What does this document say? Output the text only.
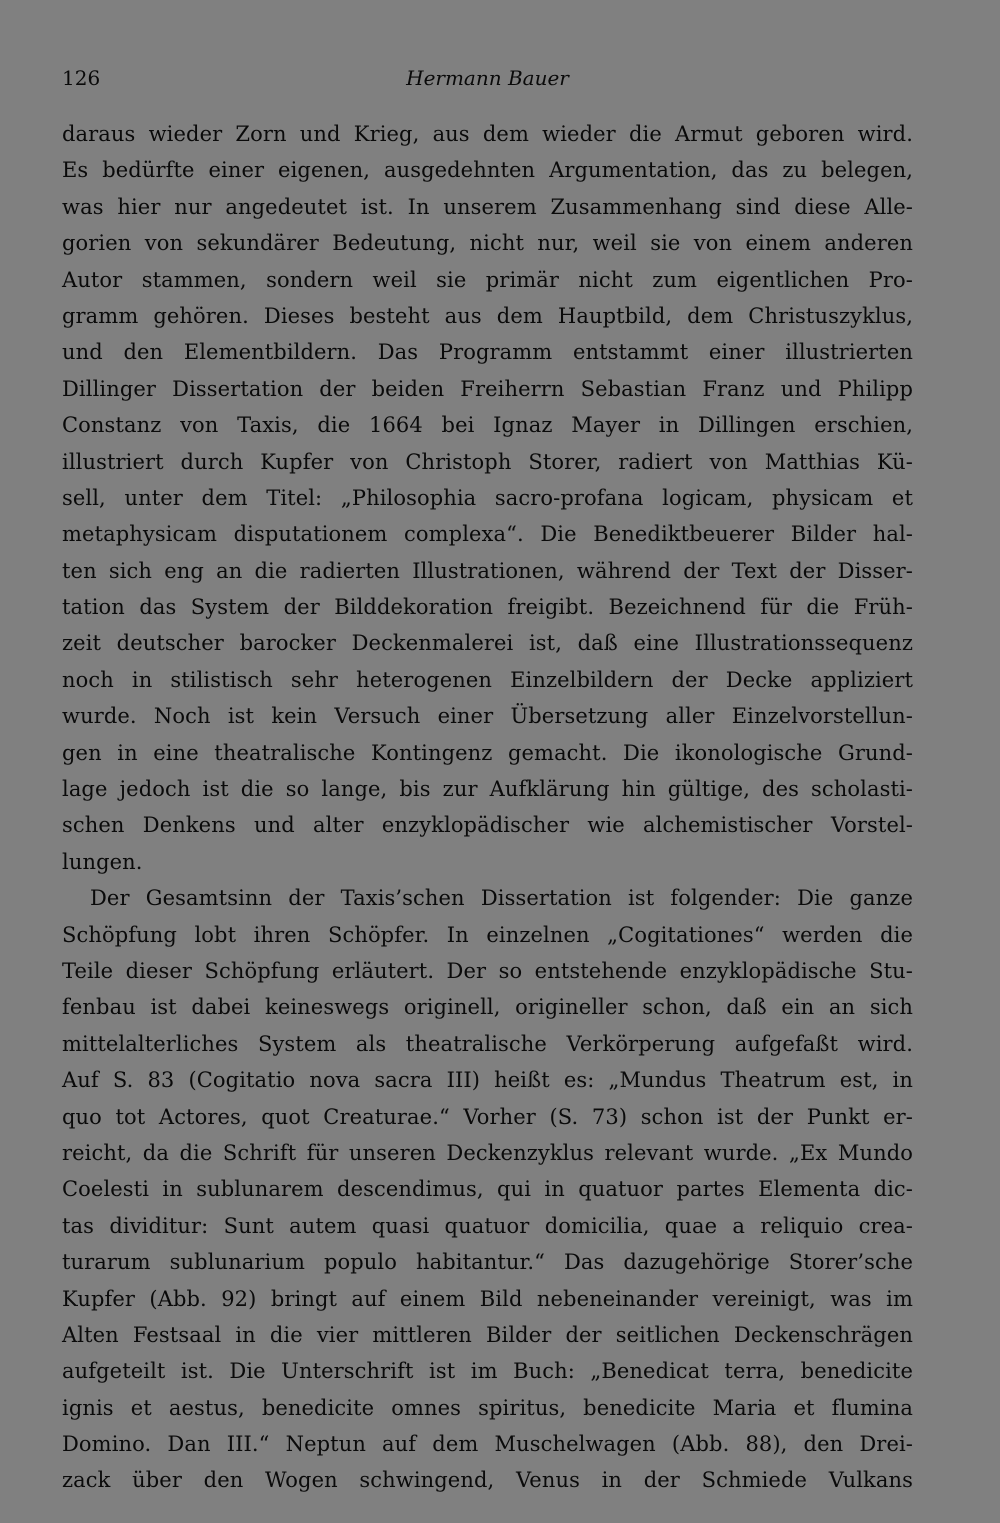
126	Hermann Bauer
daraus wieder Zorn und Krieg, aus dem wieder die Armut geboren wird.
Es bedürfte einer eigenen, ausgedehnten Argumentation, das zu belegen,
was hier nur angedeutet ist. In unserem Zusammenhang sind diese Alle-
gorien von sekundärer Bedeutung, nicht nur, weil sie von einem anderen
Autor stammen, sondern weil sie primär nicht zum eigentlichen Pro-
gramm gehören. Dieses besteht aus dem Hauptbild, dem Christuszyklus,
und den Elementbildern. Das Programm entstammt einer illustrierten
Dillinger Dissertation der beiden Freiherrn Sebastian Franz und Philipp
Constanz von Taxis, die 1664 bei Ignaz Mayer in Dillingen erschien,
illustriert durch Kupfer von Christoph Storer, radiert von Matthias Kü-
sell, unter dem Titel: „Philosophia sacro-profana logicam, physicam et
metaphysicam disputationem complexa“. Die Benediktbeuerer Bilder hal-
ten sich eng an die radierten Illustrationen, während der Text der Disser-
tation das System der Bilddekoration freigibt. Bezeichnend für die Früh-
zeit deutscher barocker Deckenmalerei ist, daß eine Illustrationssequenz
noch in stilistisch sehr heterogenen Einzelbildern der Decke appliziert
wurde. Noch ist kein Versuch einer Übersetzung aller Einzelvorstellun-
gen in eine theatralische Kontingenz gemacht. Die ikonologische Grund-
lage jedoch ist die so lange, bis zur Aufklärung hin gültige, des scholasti-
schen Denkens und alter enzyklopädischer wie alchemistischer Vorstel-
lungen.
Der Gesamtsinn der Taxis’schen Dissertation ist folgender: Die ganze
Schöpfung lobt ihren Schöpfer. In einzelnen „Cogitationes“ werden die
Teile dieser Schöpfung erläutert. Der so entstehende enzyklopädische Stu-
fenbau ist dabei keineswegs originell, origineller schon, daß ein an sich
mittelalterliches System als theatralische Verkörperung aufgefaßt wird.
Auf S. 83 (Cogitatio nova sacra III) heißt es: „Mundus Theatrum est, in
quo tot Actores, quot Creaturae.“ Vorher (S. 73) schon ist der Punkt er-
reicht, da die Schrift für unseren Deckenzyklus relevant wurde. „Ex Mundo
Coelesti in sublunarem descendimus, qui in quatuor partes Elementa dic-
tas dividitur: Sunt autem quasi quatuor domicilia, quae a reliquio crea-
turarum sublunarium populo habitantur.“ Das dazugehörige Storer’sche
Kupfer (Abb. 92) bringt auf einem Bild nebeneinander vereinigt, was im
Alten Festsaal in die vier mittleren Bilder der seitlichen Deckenschrägen
aufgeteilt ist. Die Unterschrift ist im Buch: „Benedicat terra, benedicite
ignis et aestus, benedicite omnes spiritus, benedicite Maria et flumina
Domino. Dan III.“ Neptun auf dem Muschelwagen (Abb. 88), den Drei-
zack über den Wogen schwingend, Venus in der Schmiede Vulkans
